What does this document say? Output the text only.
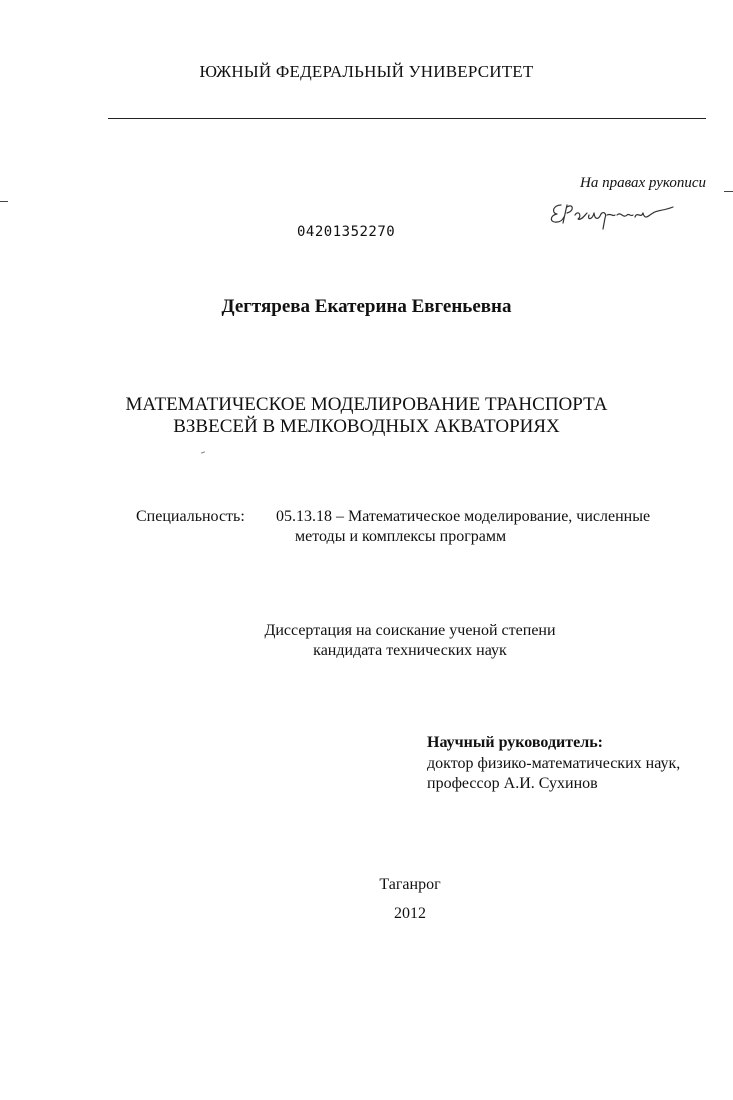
ЮЖНЫЙ ФЕДЕРАЛЬНЫЙ УНИВЕРСИТЕТ
На правах рукописи
04201352270
Дегтярева Екатерина Евгеньевна
МАТЕМАТИЧЕСКОЕ МОДЕЛИРОВАНИЕ ТРАНСПОРТА
ВЗВЕСЕЙ В МЕЛКОВОДНЫХ АКВАТОРИЯХ
Специальность: 05.13.18 – Математическое моделирование, численные
методы и комплексы программ
Диссертация на соискание ученой степени
кандидата технических наук
Научный руководитель:
доктор физико-математических наук,
профессор А.И. Сухинов
Таганрог
2012
